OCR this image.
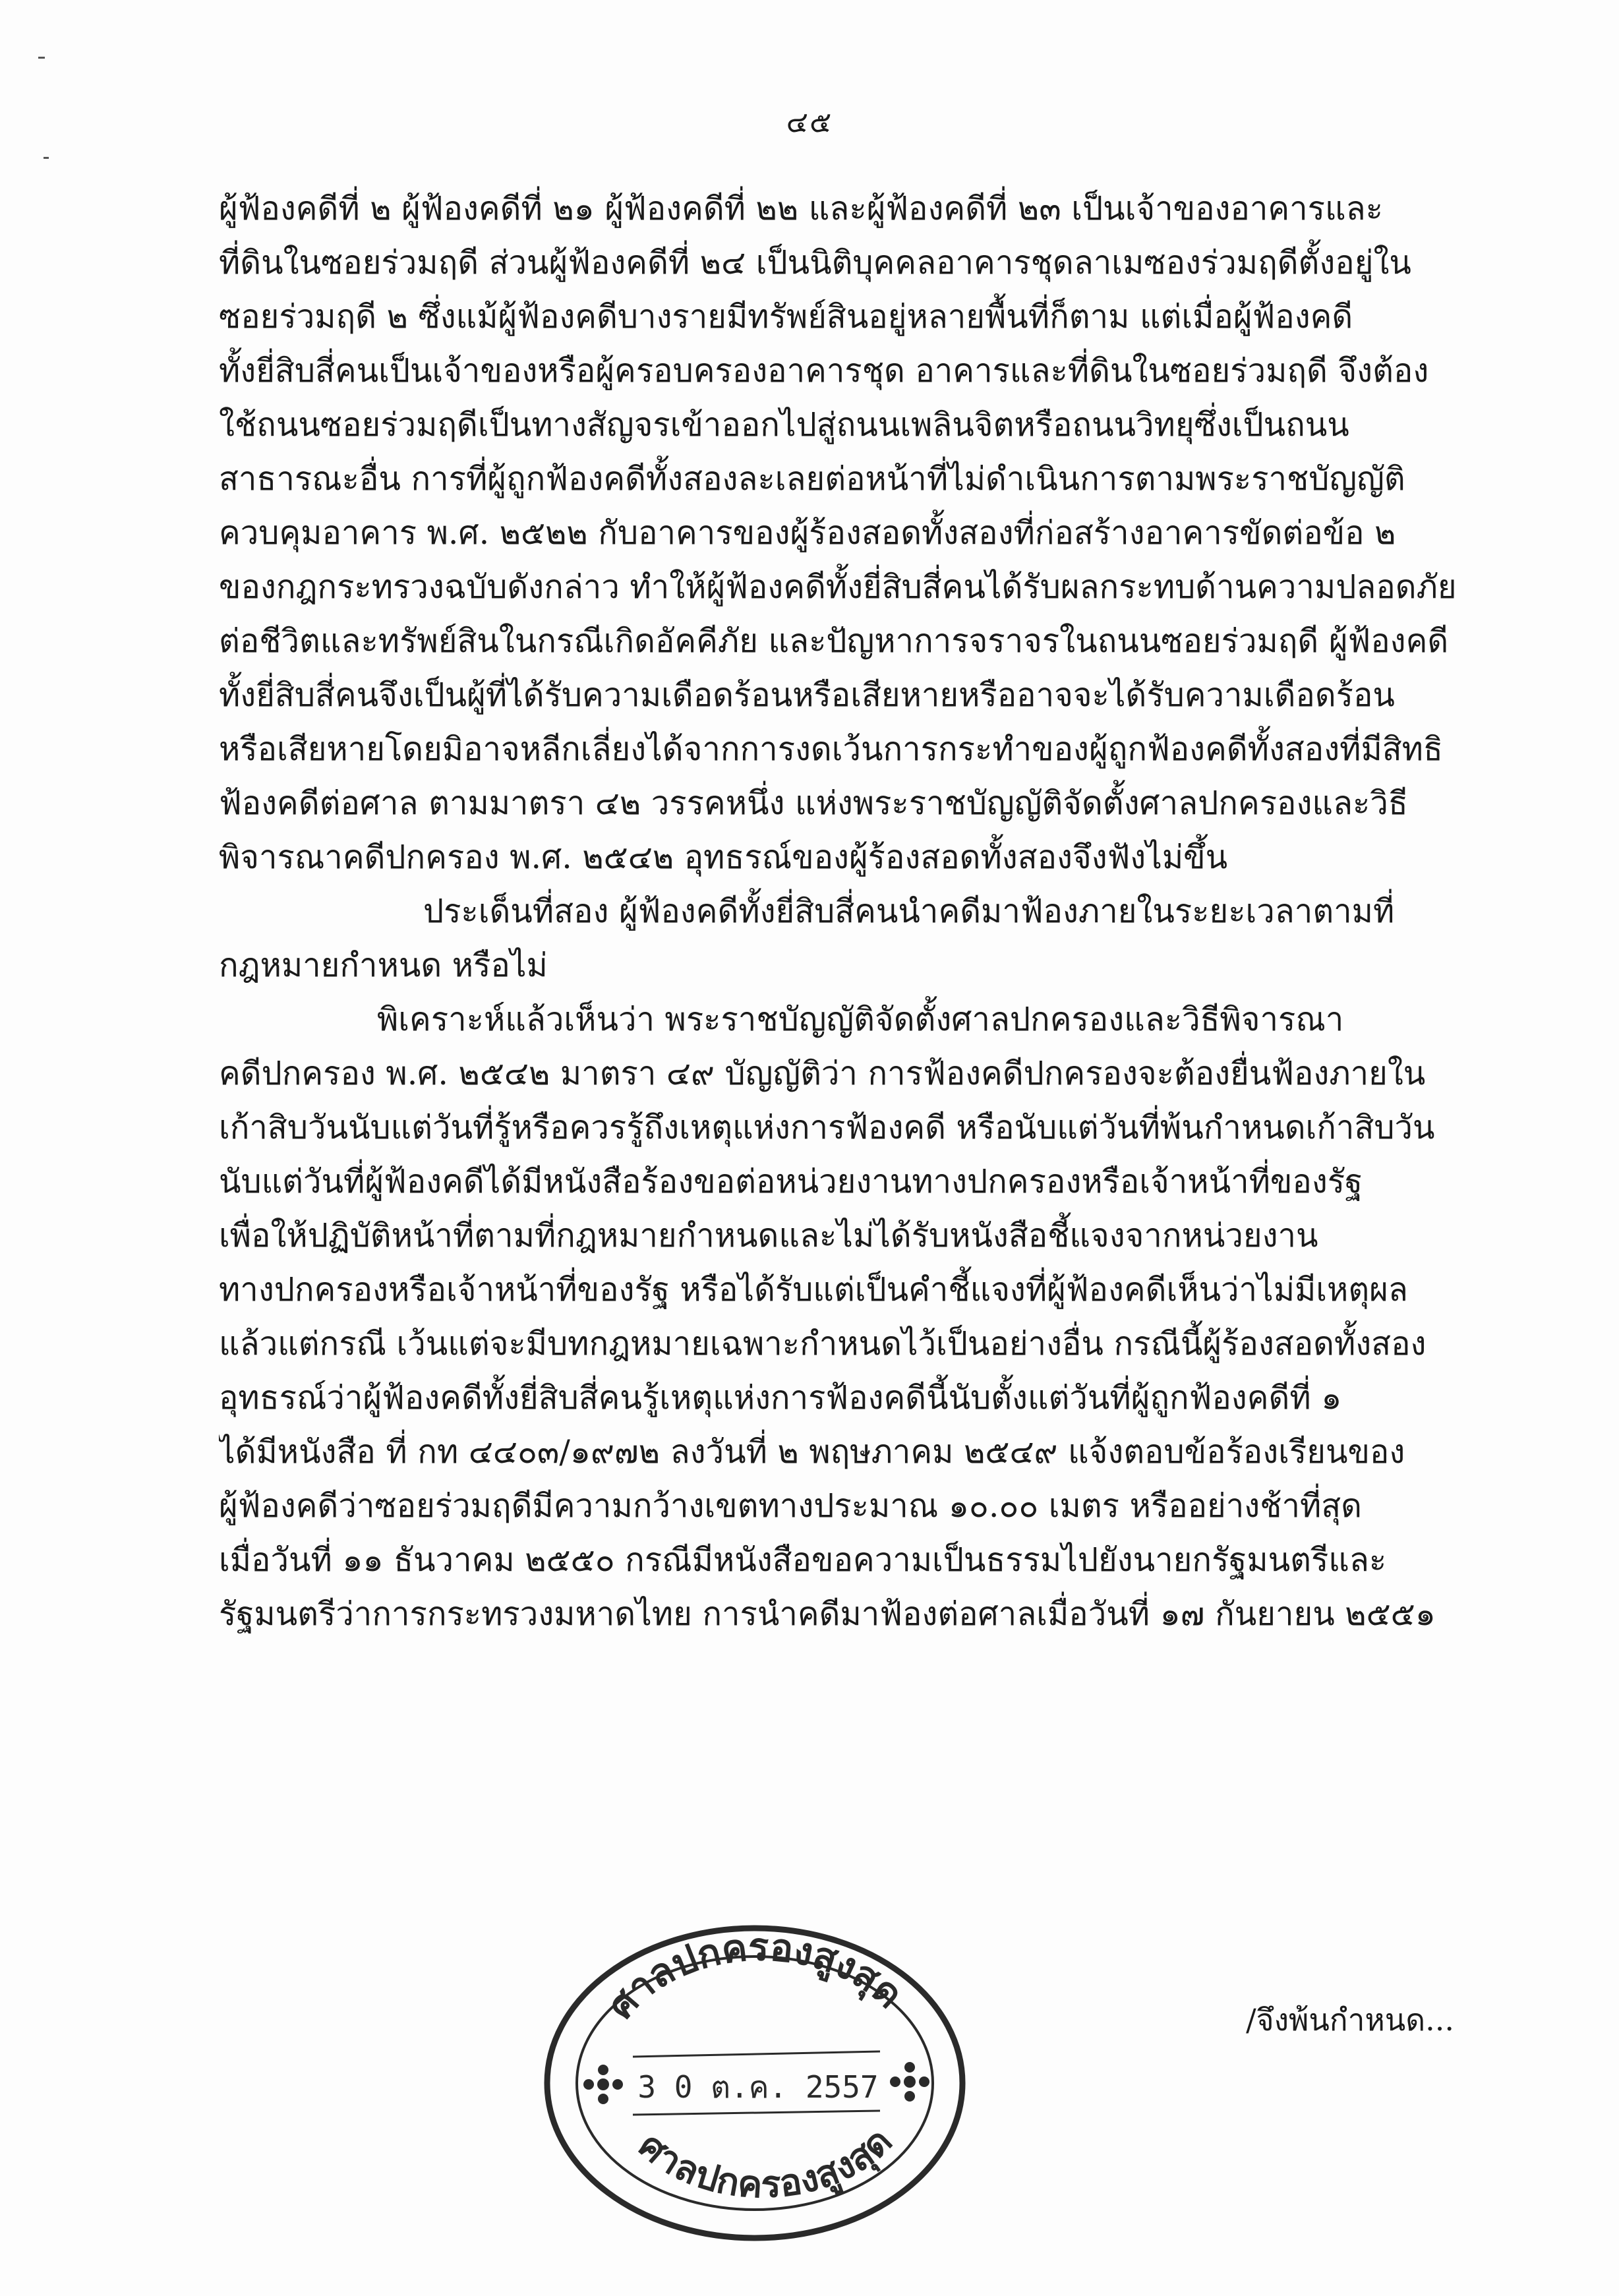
๔๕
ผู้ฟ้องคดีที่ ๒ ผู้ฟ้องคดีที่ ๒๑ ผู้ฟ้องคดีที่ ๒๒ และผู้ฟ้องคดีที่ ๒๓ เป็นเจ้าของอาคารและ
ที่ดินในซอยร่วมฤดี ส่วนผู้ฟ้องคดีที่ ๒๔ เป็นนิติบุคคลอาคารชุดลาเมซองร่วมฤดีตั้งอยู่ใน
ซอยร่วมฤดี ๒ ซึ่งแม้ผู้ฟ้องคดีบางรายมีทรัพย์สินอยู่หลายพื้นที่ก็ตาม แต่เมื่อผู้ฟ้องคดี
ทั้งยี่สิบสี่คนเป็นเจ้าของหรือผู้ครอบครองอาคารชุด อาคารและที่ดินในซอยร่วมฤดี จึงต้อง
ใช้ถนนซอยร่วมฤดีเป็นทางสัญจรเข้าออกไปสู่ถนนเพลินจิตหรือถนนวิทยุซึ่งเป็นถนน
สาธารณะอื่น การที่ผู้ถูกฟ้องคดีทั้งสองละเลยต่อหน้าที่ไม่ดำเนินการตามพระราชบัญญัติ
ควบคุมอาคาร พ.ศ. ๒๕๒๒ กับอาคารของผู้ร้องสอดทั้งสองที่ก่อสร้างอาคารขัดต่อข้อ ๒
ของกฎกระทรวงฉบับดังกล่าว ทำให้ผู้ฟ้องคดีทั้งยี่สิบสี่คนได้รับผลกระทบด้านความปลอดภัย
ต่อชีวิตและทรัพย์สินในกรณีเกิดอัคคีภัย และปัญหาการจราจรในถนนซอยร่วมฤดี ผู้ฟ้องคดี
ทั้งยี่สิบสี่คนจึงเป็นผู้ที่ได้รับความเดือดร้อนหรือเสียหายหรืออาจจะได้รับความเดือดร้อน
หรือเสียหายโดยมิอาจหลีกเลี่ยงได้จากการงดเว้นการกระทำของผู้ถูกฟ้องคดีทั้งสองที่มีสิทธิ
ฟ้องคดีต่อศาล ตามมาตรา ๔๒ วรรคหนึ่ง แห่งพระราชบัญญัติจัดตั้งศาลปกครองและวิธี
พิจารณาคดีปกครอง พ.ศ. ๒๕๔๒ อุทธรณ์ของผู้ร้องสอดทั้งสองจึงฟังไม่ขึ้น
ประเด็นที่สอง ผู้ฟ้องคดีทั้งยี่สิบสี่คนนำคดีมาฟ้องภายในระยะเวลาตามที่
กฎหมายกำหนด หรือไม่
พิเคราะห์แล้วเห็นว่า พระราชบัญญัติจัดตั้งศาลปกครองและวิธีพิจารณา
คดีปกครอง พ.ศ. ๒๕๔๒ มาตรา ๔๙ บัญญัติว่า การฟ้องคดีปกครองจะต้องยื่นฟ้องภายใน
เก้าสิบวันนับแต่วันที่รู้หรือควรรู้ถึงเหตุแห่งการฟ้องคดี หรือนับแต่วันที่พ้นกำหนดเก้าสิบวัน
นับแต่วันที่ผู้ฟ้องคดีได้มีหนังสือร้องขอต่อหน่วยงานทางปกครองหรือเจ้าหน้าที่ของรัฐ
เพื่อให้ปฏิบัติหน้าที่ตามที่กฎหมายกำหนดและไม่ได้รับหนังสือชี้แจงจากหน่วยงาน
ทางปกครองหรือเจ้าหน้าที่ของรัฐ หรือได้รับแต่เป็นคำชี้แจงที่ผู้ฟ้องคดีเห็นว่าไม่มีเหตุผล
แล้วแต่กรณี เว้นแต่จะมีบทกฎหมายเฉพาะกำหนดไว้เป็นอย่างอื่น กรณีนี้ผู้ร้องสอดทั้งสอง
อุทธรณ์ว่าผู้ฟ้องคดีทั้งยี่สิบสี่คนรู้เหตุแห่งการฟ้องคดีนี้นับตั้งแต่วันที่ผู้ถูกฟ้องคดีที่ ๑
ได้มีหนังสือ ที่ กท ๔๔๐๓/๑๙๗๒ ลงวันที่ ๒ พฤษภาคม ๒๕๔๙ แจ้งตอบข้อร้องเรียนของ
ผู้ฟ้องคดีว่าซอยร่วมฤดีมีความกว้างเขตทางประมาณ ๑๐.๐๐ เมตร หรืออย่างช้าที่สุด
เมื่อวันที่ ๑๑ ธันวาคม ๒๕๕๐ กรณีมีหนังสือขอความเป็นธรรมไปยังนายกรัฐมนตรีและ
รัฐมนตรีว่าการกระทรวงมหาดไทย การนำคดีมาฟ้องต่อศาลเมื่อวันที่ ๑๗ กันยายน ๒๕๕๑
/จึงพ้นกำหนด...
ศาลปกครองสูงสุด
3 0 ต.ค. 2557
ศาลปกครองสูงสุด
